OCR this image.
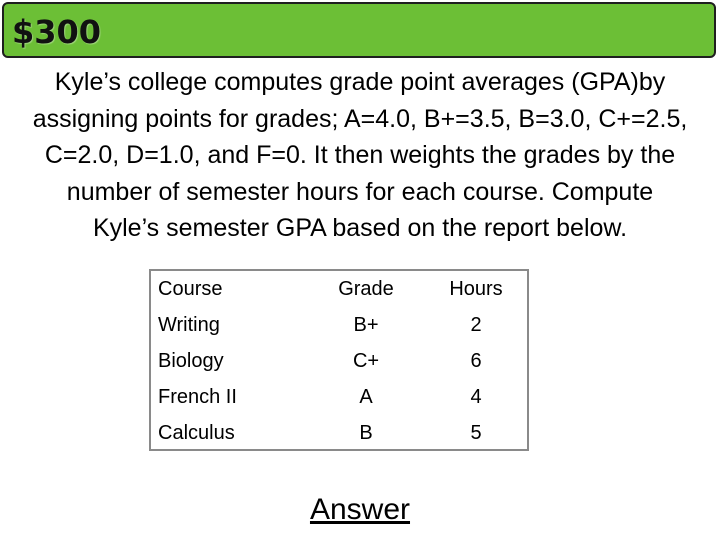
$300
Kyle’s college computes grade point averages (GPA)by
assigning points for grades; A=4.0, B+=3.5, B=3.0, C+=2.5,
C=2.0, D=1.0, and F=0. It then weights the grades by the
number of semester hours for each course. Compute
Kyle’s semester GPA based on the report below.
Course	Grade	Hours
Writing	B+	2
Biology	C+	6
French II	A	4
Calculus	B	5
Answer
